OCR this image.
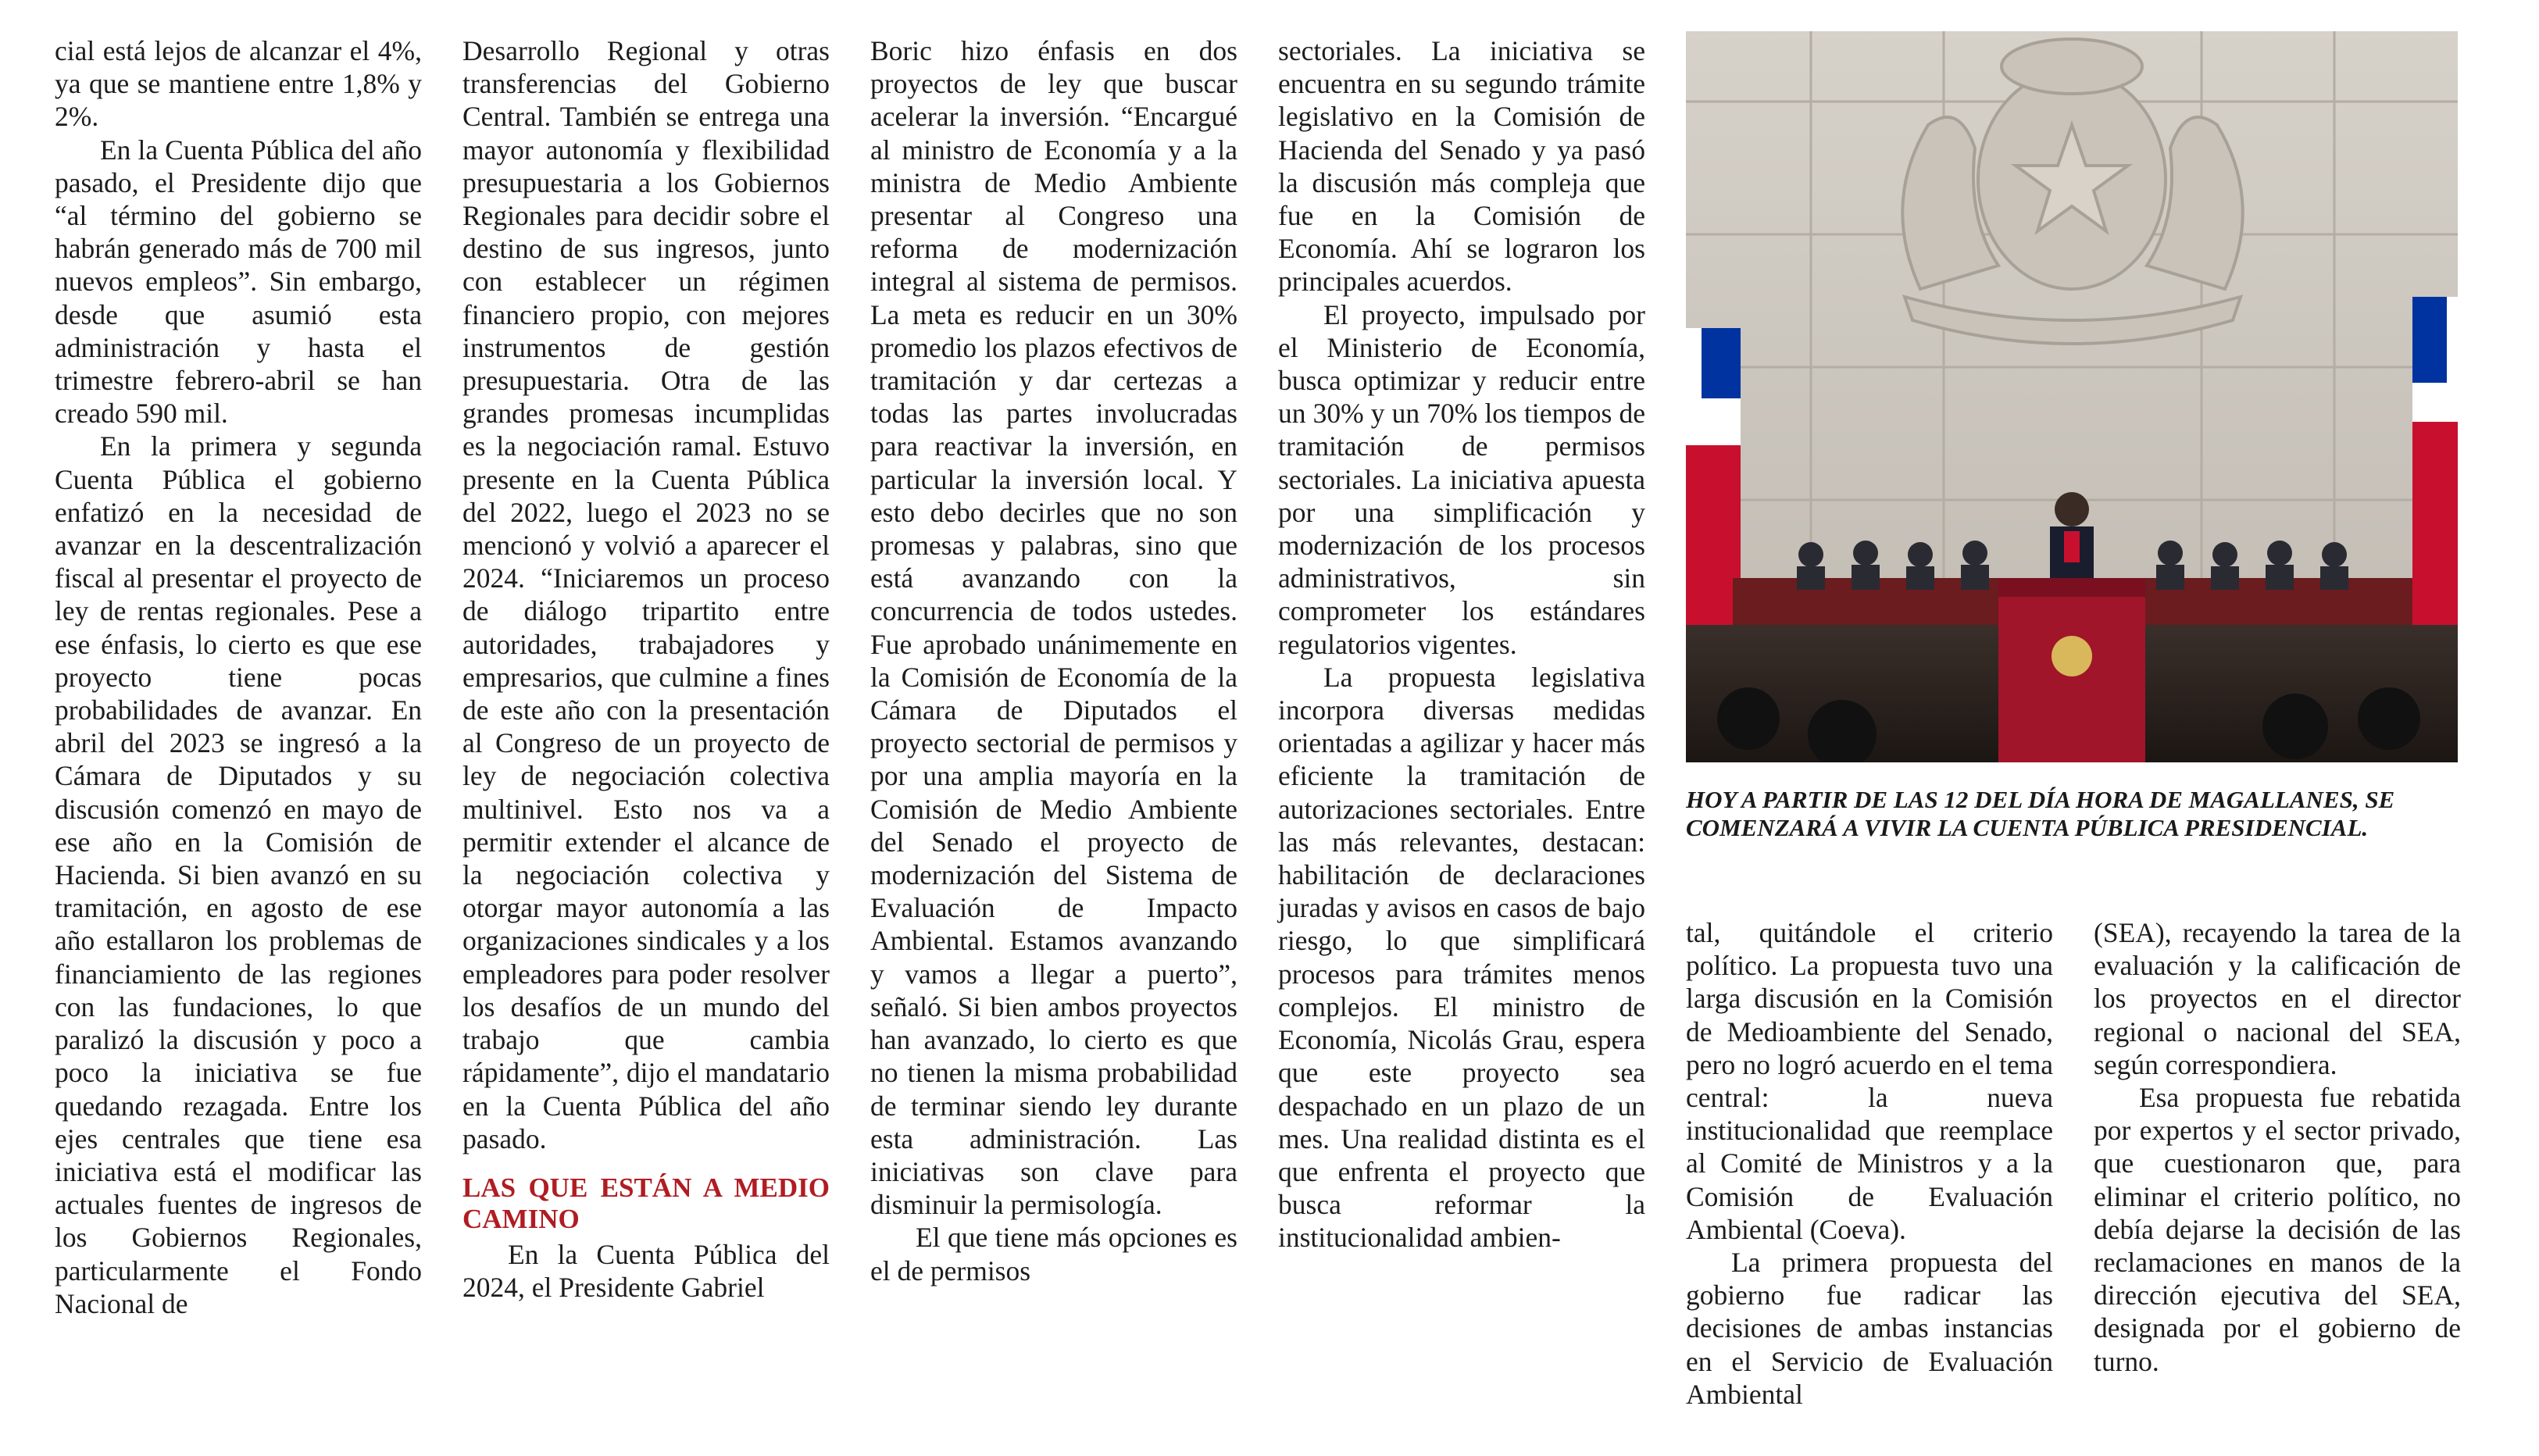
cial está lejos de alcanzar el 4%, ya que se mantiene entre 1,8% y 2%.

En la Cuenta Pública del año pasado, el Presidente dijo que “al término del gobierno se habrán generado más de 700 mil nuevos empleos”. Sin embargo, desde que asumió esta administración y hasta el trimestre febrero-abril se han creado 590 mil.

En la primera y segunda Cuenta Pública el gobierno enfatizó en la necesidad de avanzar en la descentralización fiscal al presentar el proyecto de ley de rentas regionales. Pese a ese énfasis, lo cierto es que ese proyecto tiene pocas probabilidades de avanzar. En abril del 2023 se ingresó a la Cámara de Diputados y su discusión comenzó en mayo de ese año en la Comisión de Hacienda. Si bien avanzó en su tramitación, en agosto de ese año estallaron los problemas de financiamiento de las regiones con las fundaciones, lo que paralizó la discusión y poco a poco la iniciativa se fue quedando rezagada. Entre los ejes centrales que tiene esa iniciativa está el modificar las actuales fuentes de ingresos de los Gobiernos Regionales, particularmente el Fondo Nacional de

Desarrollo Regional y otras transferencias del Gobierno Central. También se entrega una mayor autonomía y flexibilidad presupuestaria a los Gobiernos Regionales para decidir sobre el destino de sus ingresos, junto con establecer un régimen financiero propio, con mejores instrumentos de gestión presupuestaria. Otra de las grandes promesas incumplidas es la negociación ramal. Estuvo presente en la Cuenta Pública del 2022, luego el 2023 no se mencionó y volvió a aparecer el 2024. “Iniciaremos un proceso de diálogo tripartito entre autoridades, trabajadores y empresarios, que culmine a fines de este año con la presentación al Congreso de un proyecto de ley de negociación colectiva multinivel. Esto nos va a permitir extender el alcance de la negociación colectiva y otorgar mayor autonomía a las organizaciones sindicales y a los empleadores para poder resolver los desafíos de un mundo del trabajo que cambia rápidamente”, dijo el mandatario en la Cuenta Pública del año pasado.

LAS QUE ESTÁN A MEDIO CAMINO

En la Cuenta Pública del 2024, el Presidente Gabriel

Boric hizo énfasis en dos proyectos de ley que buscar acelerar la inversión. “Encargué al ministro de Economía y a la ministra de Medio Ambiente presentar al Congreso una reforma de modernización integral al sistema de permisos. La meta es reducir en un 30% promedio los plazos efectivos de tramitación y dar certezas a todas las partes involucradas para reactivar la inversión, en particular la inversión local. Y esto debo decirles que no son promesas y palabras, sino que está avanzando con la concurrencia de todos ustedes. Fue aprobado unánimemente en la Comisión de Economía de la Cámara de Diputados el proyecto sectorial de permisos y por una amplia mayoría en la Comisión de Medio Ambiente del Senado el proyecto de modernización del Sistema de Evaluación de Impacto Ambiental. Estamos avanzando y vamos a llegar a puerto”, señaló. Si bien ambos proyectos han avanzado, lo cierto es que no tienen la misma probabilidad de terminar siendo ley durante esta administración. Las iniciativas son clave para disminuir la permisología.

El que tiene más opciones es el de permisos

sectoriales. La iniciativa se encuentra en su segundo trámite legislativo en la Comisión de Hacienda del Senado y ya pasó la discusión más compleja que fue en la Comisión de Economía. Ahí se lograron los principales acuerdos.

El proyecto, impulsado por el Ministerio de Economía, busca optimizar y reducir entre un 30% y un 70% los tiempos de tramitación de permisos sectoriales. La iniciativa apuesta por una simplificación y modernización de los procesos administrativos, sin comprometer los estándares regulatorios vigentes.

La propuesta legislativa incorpora diversas medidas orientadas a agilizar y hacer más eficiente la tramitación de autorizaciones sectoriales. Entre las más relevantes, destacan: habilitación de declaraciones juradas y avisos en casos de bajo riesgo, lo que simplificará procesos para trámites menos complejos. El ministro de Economía, Nicolás Grau, espera que este proyecto sea despachado en un plazo de un mes. Una realidad distinta es el que enfrenta el proyecto que busca reformar la institucionalidad ambien-

HOY A PARTIR DE LAS 12 DEL DÍA HORA DE MAGALLANES, SE COMENZARÁ A VIVIR LA CUENTA PÚBLICA PRESIDENCIAL.

tal, quitándole el criterio político. La propuesta tuvo una larga discusión en la Comisión de Medioambiente del Senado, pero no logró acuerdo en el tema central: la nueva institucionalidad que reemplace al Comité de Ministros y a la Comisión de Evaluación Ambiental (Coeva).

La primera propuesta del gobierno fue radicar las decisiones de ambas instancias en el Servicio de Evaluación Ambiental

(SEA), recayendo la tarea de la evaluación y la calificación de los proyectos en el director regional o nacional del SEA, según correspondiera.

Esa propuesta fue rebatida por expertos y el sector privado, que cuestionaron que, para eliminar el criterio político, no debía dejarse la decisión de las reclamaciones en manos de la dirección ejecutiva del SEA, designada por el gobierno de turno.
